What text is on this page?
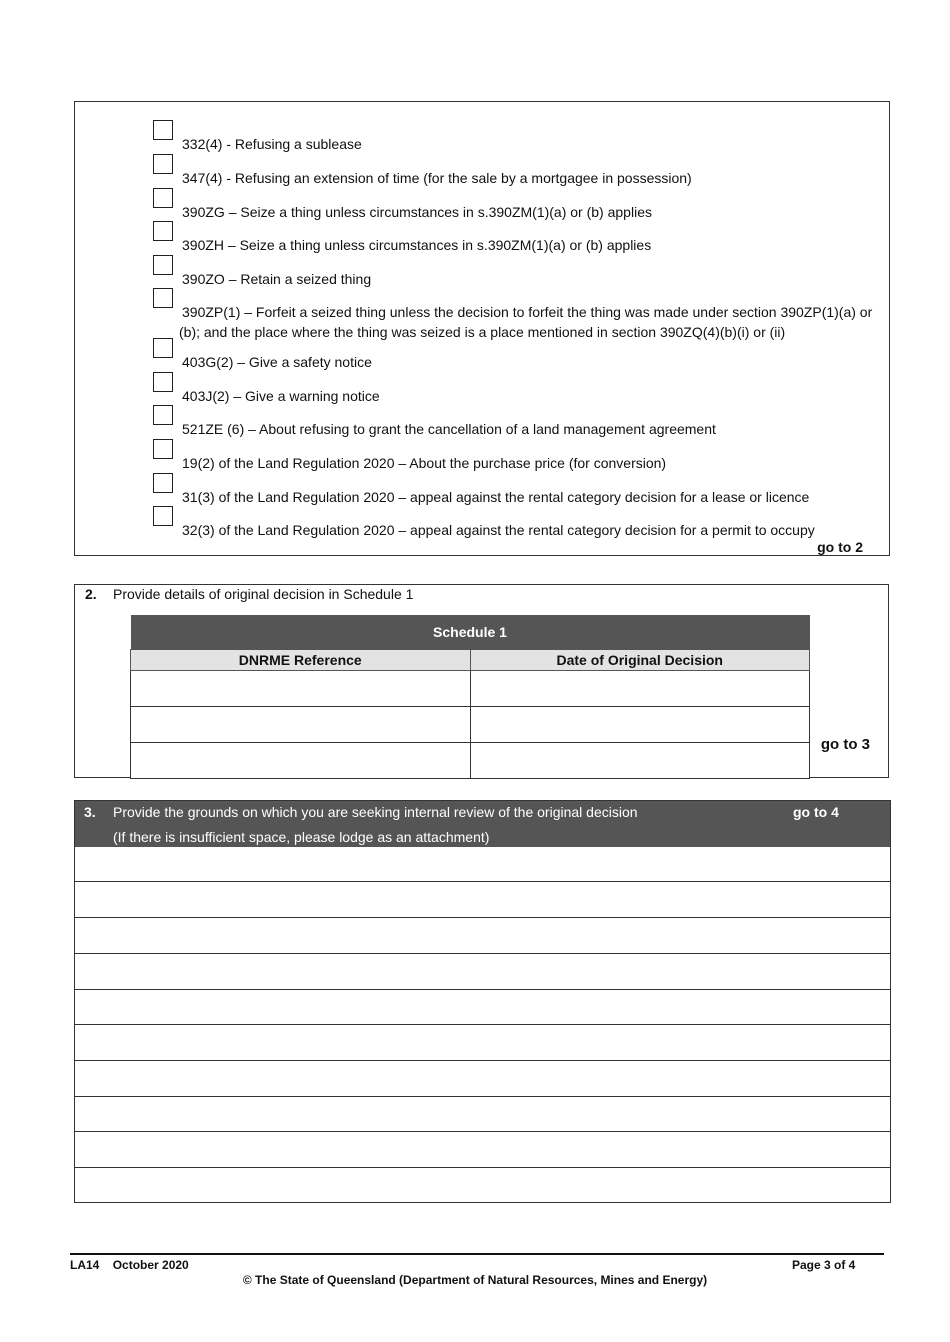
332(4) - Refusing a sublease
347(4) - Refusing an extension of time (for the sale by a mortgagee in possession)
390ZG – Seize a thing unless circumstances in s.390ZM(1)(a) or (b) applies
390ZH – Seize a thing unless circumstances in s.390ZM(1)(a) or (b) applies
390ZO – Retain a seized thing
390ZP(1) – Forfeit a seized thing unless the decision to forfeit the thing was made under section 390ZP(1)(a) or (b); and the place where the thing was seized is a place mentioned in section 390ZQ(4)(b)(i) or (ii)
403G(2) – Give a safety notice
403J(2) – Give a warning notice
521ZE (6) – About refusing to grant the cancellation of a land management agreement
19(2) of the Land Regulation 2020 – About the purchase price (for conversion)
31(3) of the Land Regulation 2020 – appeal against the rental category decision for a lease or licence
32(3) of the Land Regulation 2020 – appeal against the rental category decision for a permit to occupy
go to 2
2. Provide details of original decision in Schedule 1
Schedule 1	
DNRME Reference	Date of Original Decision

go to 3
3. Provide the grounds on which you are seeking internal review of the original decision	go to 4
(If there is insufficient space, please lodge as an attachment)
LA14 October 2020	Page 3 of 4
© The State of Queensland (Department of Natural Resources, Mines and Energy)
